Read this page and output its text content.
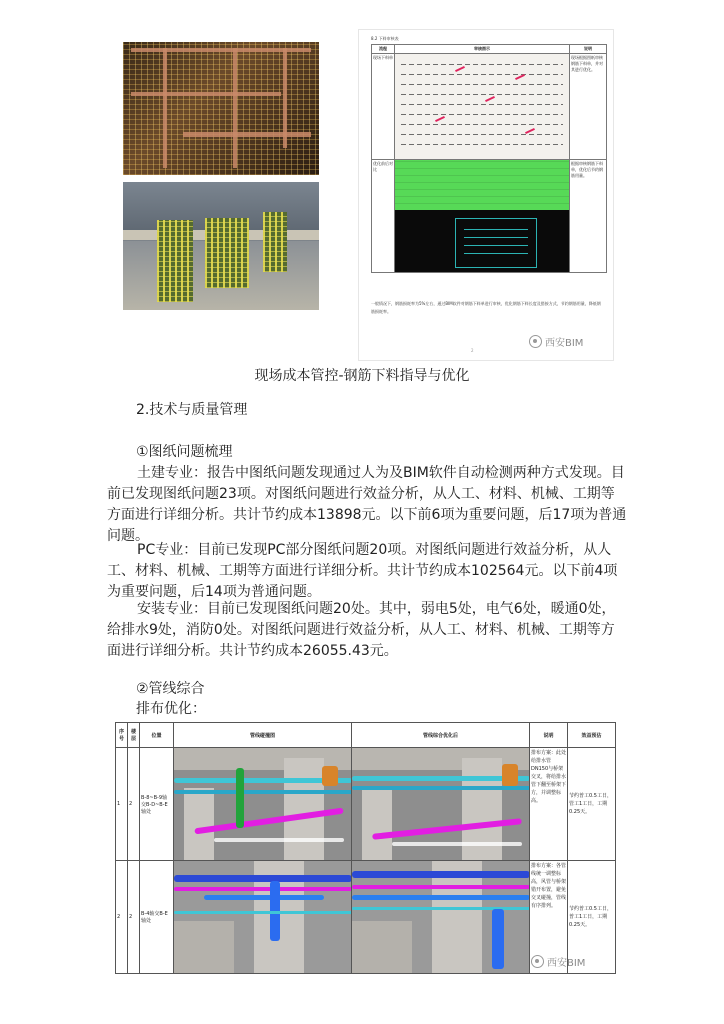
8.2 下料审核表
流程	审核图示	说明
现场下料单		现场根据图纸审核钢筋下料单，并对其进行优化。
优化前后对比		根据审核钢筋下料单，优化后节约钢筋用量。
一般情况下，钢筋损耗率为5%左右，通过BIM软件对钢筋下料单进行审核，优化钢筋下料长度及搭接方式，节约钢筋用量，降低钢筋损耗率。
2
西安BIM
现场成本管控-钢筋下料指导与优化
2.技术与质量管理
①图纸问题梳理
土建专业：报告中图纸问题发现通过人为及BIM软件自动检测两种方式发现。目前已发现图纸问题23项。对图纸问题进行效益分析，从人工、材料、机械、工期等方面进行详细分析。共计节约成本13898元。以下前6项为重要问题，后17项为普通问题。
PC专业：目前已发现PC部分图纸问题20项。对图纸问题进行效益分析，从人工、材料、机械、工期等方面进行详细分析。共计节约成本102564元。以下前4项为重要问题，后14项为普通问题。
安装专业：目前已发现图纸问题20处。其中，弱电5处，电气6处，暖通0处，给排水9处，消防0处。对图纸问题进行效益分析，从人工、材料、机械、工期等方面进行详细分析。共计节约成本26055.43元。
②管线综合
排布优化：
序号	楼层	位置	管线碰撞图	管线综合优化后	说明	效益预估
1	2	B-8~B-9轴交B-D~B-E轴处			排布方案：此处给排水管DN150与桥架交叉，将给排水管下翻至桥架下方，并调整标高。	节约普工0.5工日，管工1工日，工期0.25天。
2	2	B-4轴交B-E轴处			排布方案：各管线统一调整标高，风管与桥架错开布置，避免交叉碰撞，管线有序排列。	节约普工0.5工日，普工1工日，工期0.25天。
西安BIM
